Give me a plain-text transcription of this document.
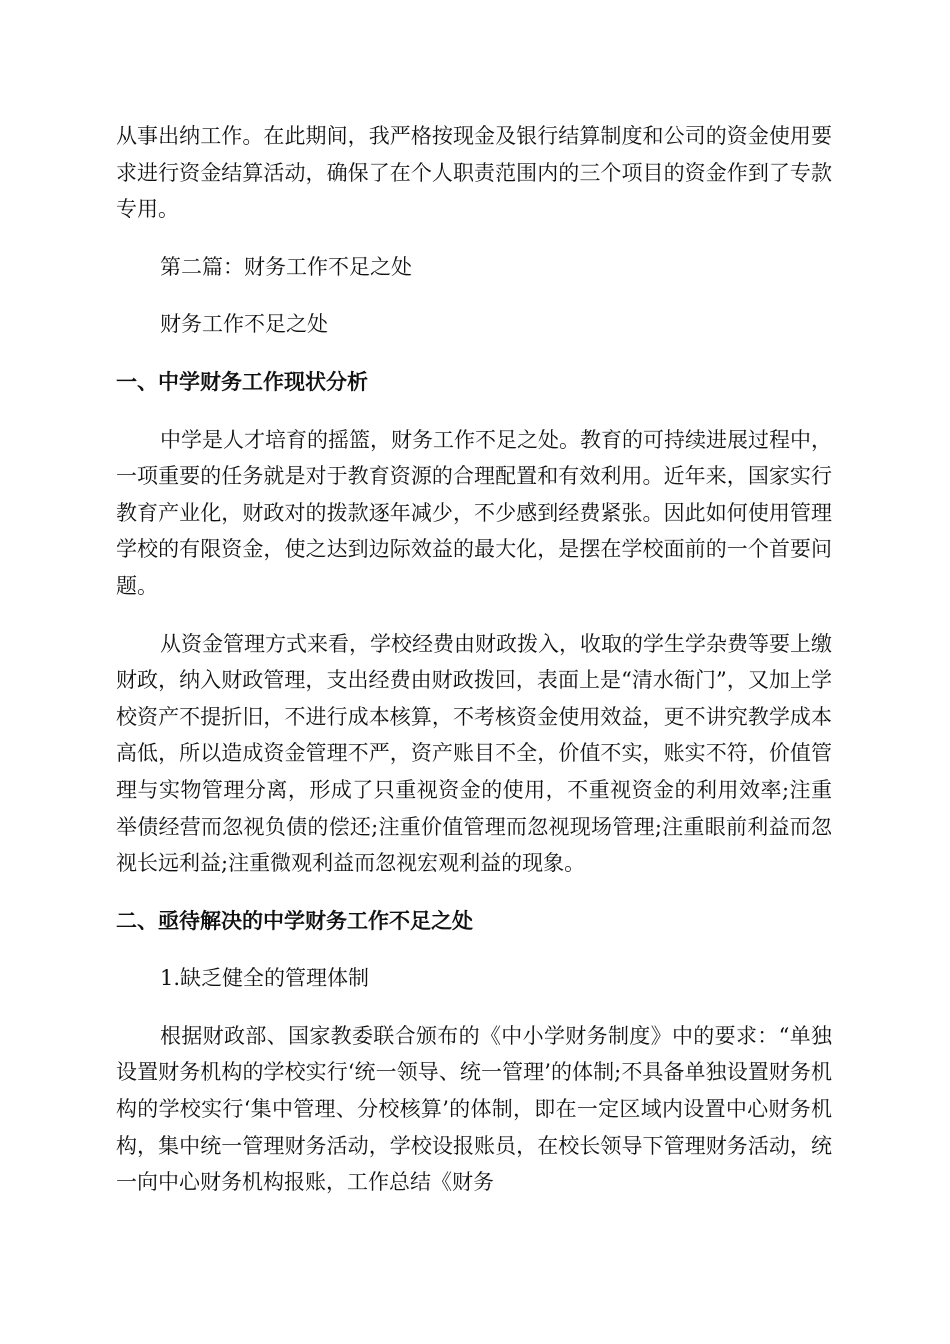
从事出纳工作。在此期间，我严格按现金及银行结算制度和公司的资金使用要求进行资金结算活动，确保了在个人职责范围内的三个项目的资金作到了专款专用。

第二篇：财务工作不足之处

财务工作不足之处

一、中学财务工作现状分析

中学是人才培育的摇篮，财务工作不足之处。教育的可持续进展过程中，一项重要的任务就是对于教育资源的合理配置和有效利用。近年来，国家实行教育产业化，财政对的拨款逐年减少，不少感到经费紧张。因此如何使用管理学校的有限资金，使之达到边际效益的最大化，是摆在学校面前的一个首要问题。

从资金管理方式来看，学校经费由财政拨入，收取的学生学杂费等要上缴财政，纳入财政管理，支出经费由财政拨回，表面上是“清水衙门”，又加上学校资产不提折旧，不进行成本核算，不考核资金使用效益，更不讲究教学成本高低，所以造成资金管理不严，资产账目不全，价值不实，账实不符，价值管理与实物管理分离，形成了只重视资金的使用，不重视资金的利用效率;注重举债经营而忽视负债的偿还;注重价值管理而忽视现场管理;注重眼前利益而忽视长远利益;注重微观利益而忽视宏观利益的现象。

二、亟待解决的中学财务工作不足之处

1.缺乏健全的管理体制

根据财政部、国家教委联合颁布的《中小学财务制度》中的要求：“单独设置财务机构的学校实行‘统一领导、统一管理’的体制;不具备单独设置财务机构的学校实行‘集中管理、分校核算’的体制，即在一定区域内设置中心财务机构，集中统一管理财务活动，学校设报账员，在校长领导下管理财务活动，统一向中心财务机构报账，工作总结《财务
